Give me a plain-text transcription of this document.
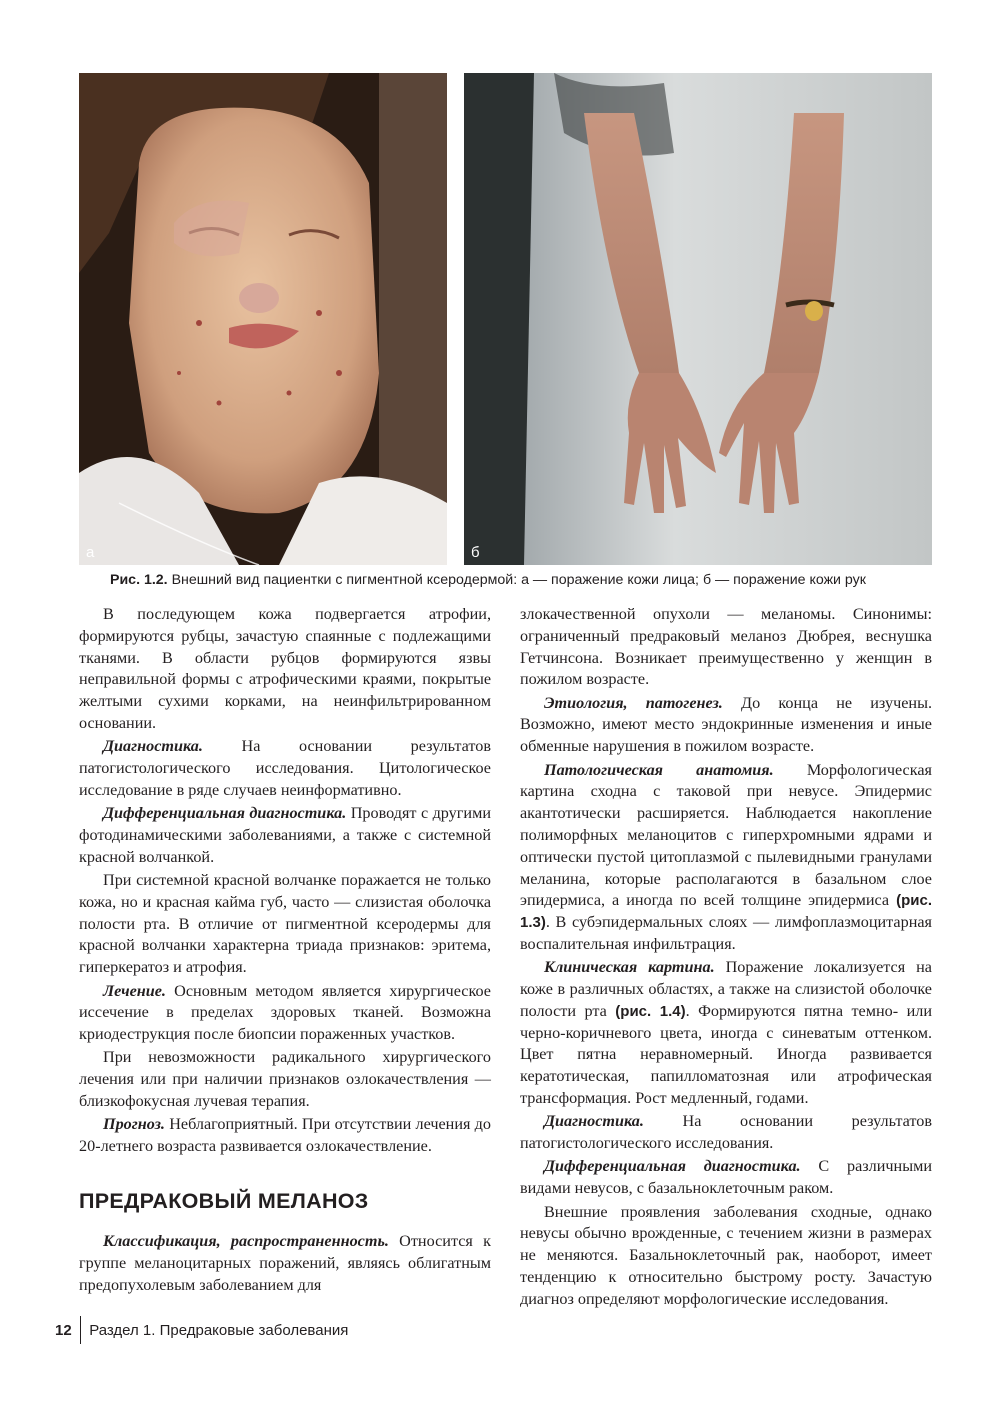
а	б
Рис. 1.2. Внешний вид пациентки с пигментной ксеродермой: а — поражение кожи лица; б — поражение кожи рук

В последующем кожа подвергается атрофии, формируются рубцы, зачастую спаянные с подлежащими тканями. В области рубцов формируются язвы неправильной формы с атрофическими краями, покрытые желтыми сухими корками, на неинфильтрированном основании.

Диагностика. На основании результатов патогистологического исследования. Цитологическое исследование в ряде случаев неинформативно.

Дифференциальная диагностика. Проводят с другими фотодинамическими заболеваниями, а также с системной красной волчанкой.

При системной красной волчанке поражается не только кожа, но и красная кайма губ, часто — слизистая оболочка полости рта. В отличие от пигментной ксеродермы для красной волчанки характерна триада признаков: эритема, гиперкератоз и атрофия.

Лечение. Основным методом является хирургическое иссечение в пределах здоровых тканей. Возможна криодеструкция после биопсии пораженных участков.

При невозможности радикального хирургического лечения или при наличии признаков озлокачествления — близкофокусная лучевая терапия.

Прогноз. Неблагоприятный. При отсутствии лечения до 20-летнего возраста развивается озлокачествление.

ПРЕДРАКОВЫЙ МЕЛАНОЗ

Классификация, распространенность. Относится к группе меланоцитарных поражений, являясь облигатным предопухолевым заболеванием для

злокачественной опухоли — меланомы. Синонимы: ограниченный предраковый меланоз Дюбрея, веснушка Гетчинсона. Возникает преимущественно у женщин в пожилом возрасте.

Этиология, патогенез. До конца не изучены. Возможно, имеют место эндокринные изменения и иные обменные нарушения в пожилом возрасте.

Патологическая анатомия. Морфологическая картина сходна с таковой при невусе. Эпидермис акантотически расширяется. Наблюдается накопление полиморфных меланоцитов с гиперхромными ядрами и оптически пустой цитоплазмой с пылевидными гранулами меланина, которые располагаются в базальном слое эпидермиса, а иногда по всей толщине эпидермиса (рис. 1.3). В субэпидермальных слоях — лимфоплазмоцитарная воспалительная инфильтрация.

Клиническая картина. Поражение локализуется на коже в различных областях, а также на слизистой оболочке полости рта (рис. 1.4). Формируются пятна темно- или черно-коричневого цвета, иногда с синеватым оттенком. Цвет пятна неравномерный. Иногда развивается кератотическая, папилломатозная или атрофическая трансформация. Рост медленный, годами.

Диагностика. На основании результатов патогистологического исследования.

Дифференциальная диагностика. С различными видами невусов, с базальноклеточным раком.

Внешние проявления заболевания сходные, однако невусы обычно врожденные, с течением жизни в размерах не меняются. Базальноклеточный рак, наоборот, имеет тенденцию к относительно быстрому росту. Зачастую диагноз определяют морфологические исследования.

12	Раздел 1. Предраковые заболевания
